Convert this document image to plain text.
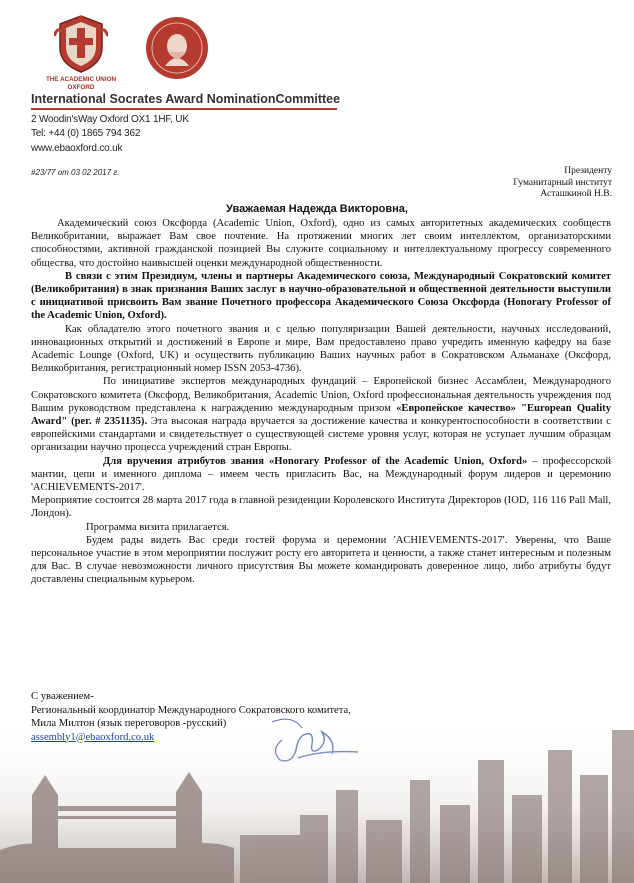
THE ACADEMIC UNION
OXFORD
International Socrates Award NominationCommittee
2 Woodin'sWay Oxford OX1 1HF, UK
Tel: +44 (0) 1865 794 362
www.ebaoxford.co.uk
#23/77 от 03 02 2017 г.	Президенту
Гуманитарный институт
Асташкиной Н.В.
Уважаемая Надежда Викторовна,

Академический союз Оксфорда (Academic Union, Oxford), одно из самых авторитетных академических сообществ Великобритании, выражает Вам свое почтение. На протяжении многих лет своим интеллектом, организаторскими способностями, активной гражданской позицией Вы служите социальному и интеллектуальному прогрессу современного общества, что достойно наивысшей оценки международной общественности.

В связи с этим Президиум, члены и партнеры Академического союза, Международный Сократовский комитет (Великобритания) в знак признания Ваших заслуг в научно-образовательной и общественной деятельности выступили с инициативой присвоить Вам звание Почетного профессора Академического Союза Оксфорда (Honorary Professor of the Academic Union, Oxford).

Как обладателю этого почетного звания и с целью популяризации Вашей деятельности, научных исследований, инновационных открытий и достижений в Европе и мире, Вам предоставлено право учредить именную кафедру на базе Academic Lounge (Oxford, UK) и осуществить публикацию Ваших научных работ в Сократовском Альманахе (Оксфорд, Великобритания, регистрационный номер ISSN 2053-4736).

По инициативе экспертов международных фундаций – Европейской бизнес Ассамблеи, Международного Сократовского комитета (Оксфорд, Великобритания, Academic Union, Oxford профессиональная деятельность учреждения под Вашим руководством представлена к награждению международным призом «Европейское качество» "European Quality Award" (рег. # 2351135). Эта высокая награда вручается за достижение качества и конкурентоспособности в соответствии с европейскими стандартами и свидетельствует о существующей системе уровня услуг, которая не уступает лучшим образцам организации научно процесса учреждений стран Европы.

Для вручения атрибутов звания «Honorary Professor of the Academic Union, Oxford» – профессорской мантии, цепи и именного диплома – имеем честь пригласить Вас, на Международный форум лидеров и церемонию 'ACHIEVEMENTS-2017'.

Мероприятие состоится 28 марта 2017 года в главной резиденции Королевского Института Директоров (IOD, 116 116 Pall Mall, Лондон).

Программа визита прилагается.

Будем рады видеть Вас среди гостей форума и церемонии 'ACHIEVEMENTS-2017'. Уверены, что Ваше персональное участие в этом мероприятии послужит росту его авторитета и ценности, а также станет интересным и полезным для Вас. В случае невозможности личного присутствия Вы можете командировать доверенное лицо, либо атрибуты будут доставлены специальным курьером.

С уважением-
Региональный координатор Международного Сократовского комитета,
Мила Милтон (язык переговоров -русский)
assembly1@ebaoxford.co.uk
